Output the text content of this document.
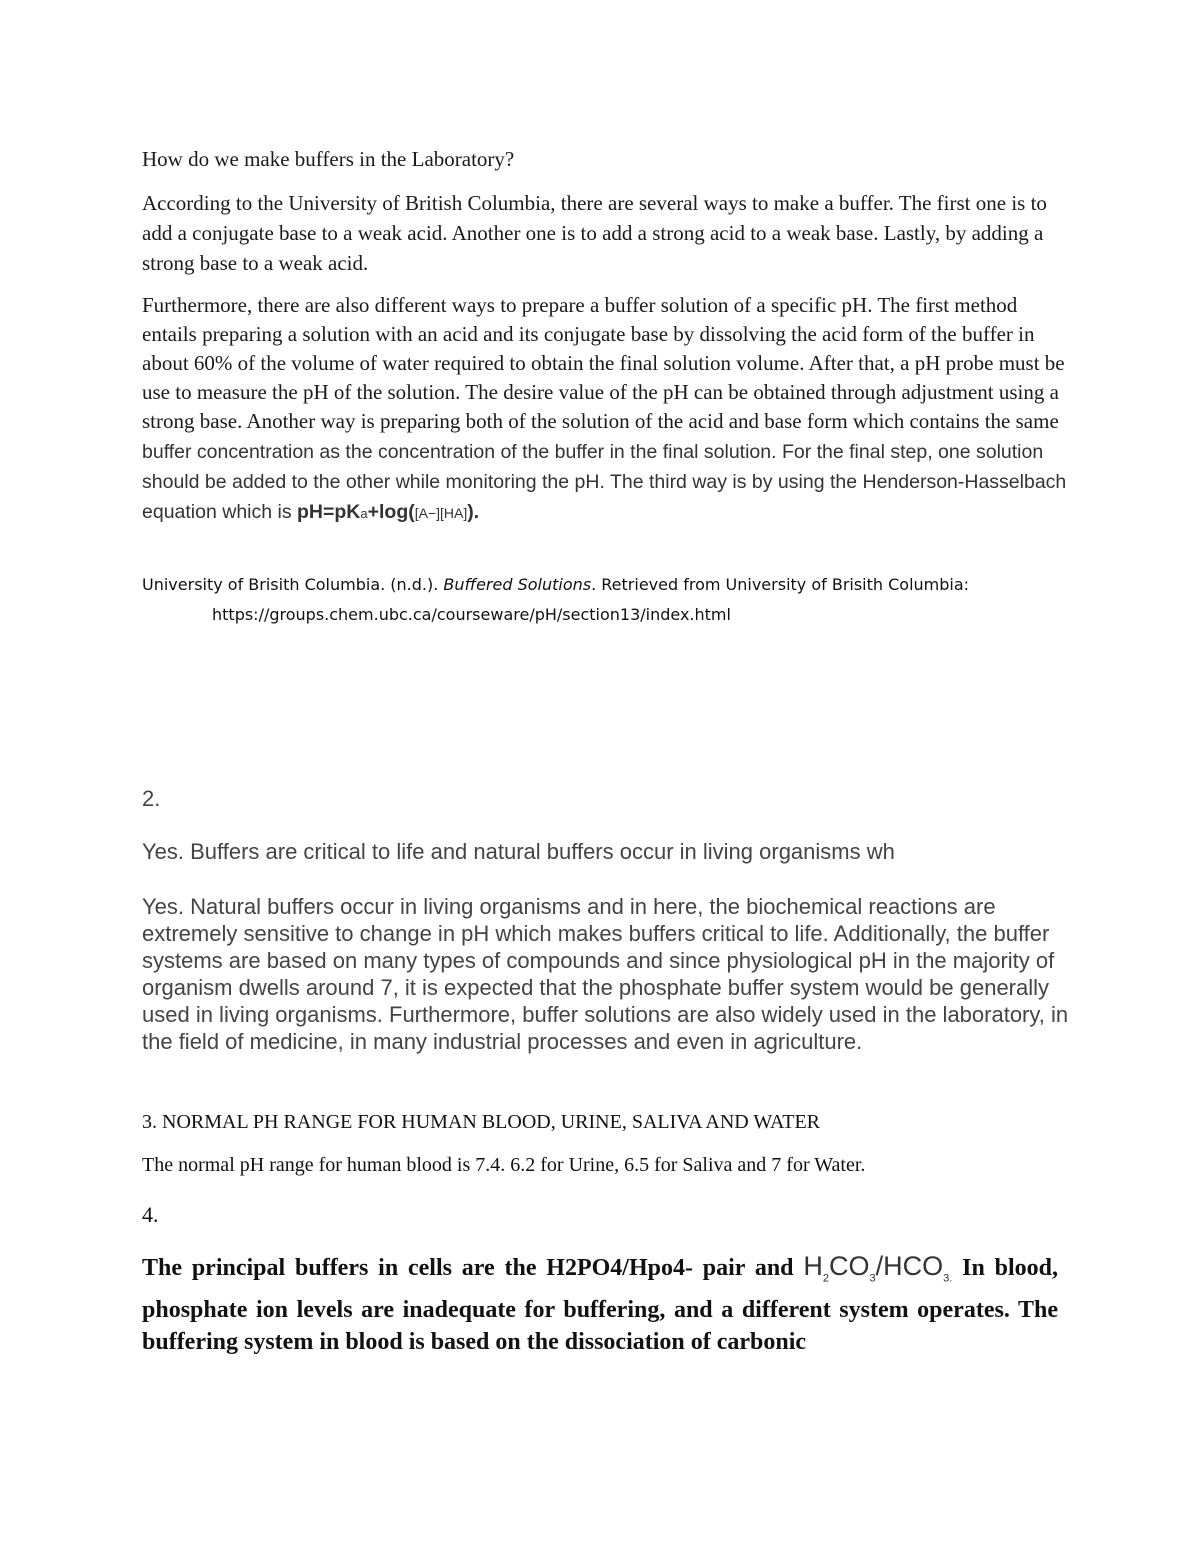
How do we make buffers in the Laboratory?
According to the University of British Columbia, there are several ways to make a buffer. The first one is to add a conjugate base to a weak acid. Another one is to add a strong acid to a weak base. Lastly, by adding a strong base to a weak acid.
Furthermore, there are also different ways to prepare a buffer solution of a specific pH. The first method entails preparing a solution with an acid and its conjugate base by dissolving the acid form of the buffer in about 60% of the volume of water required to obtain the final solution volume. After that, a pH probe must be use to measure the pH of the solution. The desire value of the pH can be obtained through adjustment using a strong base. Another way is preparing both of the solution of the acid and base form which contains the same buffer concentration as the concentration of the buffer in the final solution. For the final step, one solution should be added to the other while monitoring the pH. The third way is by using the Henderson-Hasselbach equation which is pH=pKa+log([A−][HA]).
University of Brisith Columbia. (n.d.). Buffered Solutions. Retrieved from University of Brisith Columbia:
https://groups.chem.ubc.ca/courseware/pH/section13/index.html
2.
Yes. Buffers are critical to life and natural buffers occur in living organisms wh
Yes. Natural buffers occur in living organisms and in here, the biochemical reactions are extremely sensitive to change in pH which makes buffers critical to life. Additionally, the buffer systems are based on many types of compounds and since physiological pH in the majority of organism dwells around 7, it is expected that the phosphate buffer system would be generally used in living organisms. Furthermore, buffer solutions are also widely used in the laboratory, in the field of medicine, in many industrial processes and even in agriculture.
3. NORMAL PH RANGE FOR HUMAN BLOOD, URINE, SALIVA AND WATER
The normal pH range for human blood is 7.4. 6.2 for Urine, 6.5 for Saliva and 7 for Water.
4.
The principal buffers in cells are the H2PO4/Hpo4- pair and $H_2CO_3/HCO_{3.}$ In blood, phosphate ion levels are inadequate for buffering, and a different system operates. The buffering system in blood is based on the dissociation of carbonic
